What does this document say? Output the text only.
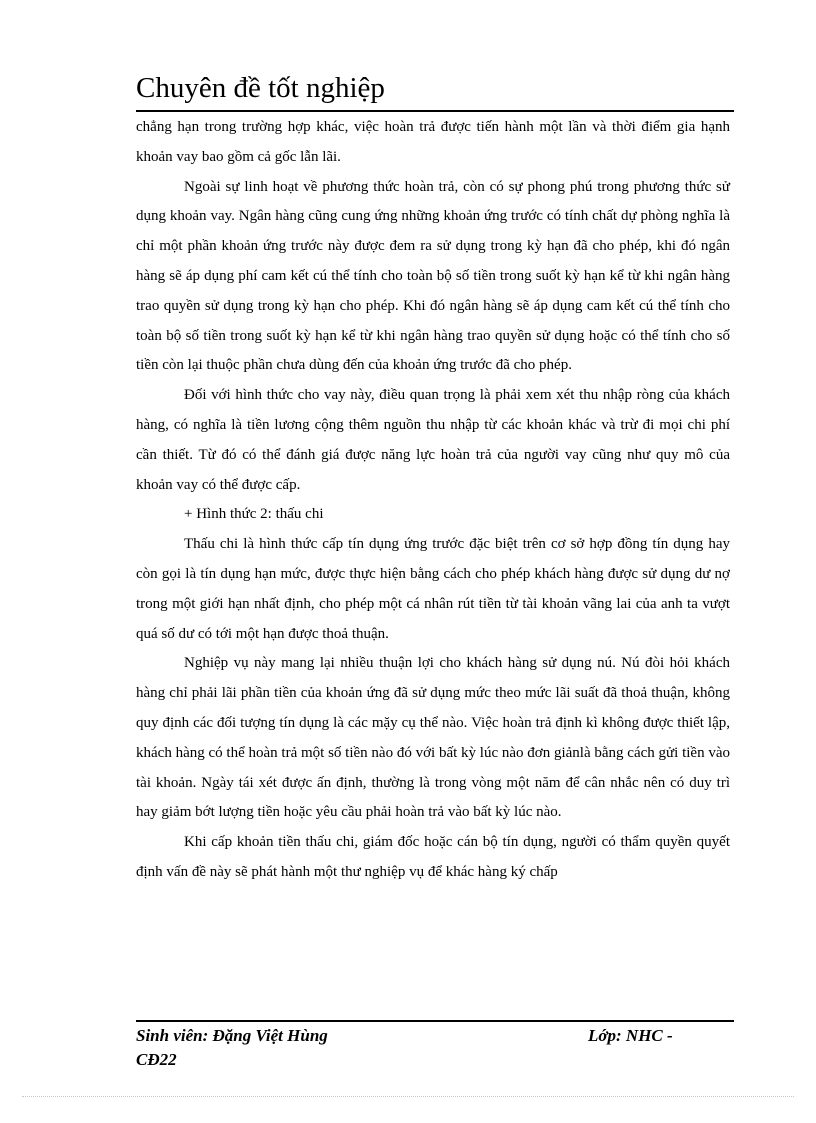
Chuyên đề tốt nghiệp

chẳng hạn trong trường hợp khác, việc hoàn trả được tiến hành một lần và thời điểm gia hạnh khoản vay bao gồm cả gốc lẫn lãi.

Ngoài sự linh hoạt về phương thức hoàn trả, còn có sự phong phú trong phương thức sử dụng khoản vay. Ngân hàng cũng cung ứng những khoản ứng trước có tính chất dự phòng nghĩa là chỉ một phần khoản ứng trước này được đem ra sử dụng trong kỳ hạn đã cho phép, khi đó ngân hàng sẽ áp dụng phí cam kết cú thể tính cho toàn bộ số tiền trong suốt kỳ hạn kể từ khi ngân hàng trao quyền sử dụng trong kỳ hạn cho phép. Khi đó ngân hàng sẽ áp dụng cam kết cú thể tính cho toàn bộ số tiền trong suốt kỳ hạn kể từ khi ngân hàng trao quyền sử dụng hoặc có thể tính cho số tiền còn lại thuộc phần chưa dùng đến của khoản ứng trước đã cho phép.

Đối với hình thức cho vay này, điều quan trọng là phải xem xét thu nhập ròng của khách hàng, có nghĩa là tiền lương cộng thêm nguồn thu nhập từ các khoản khác và trừ đi mọi chi phí cần thiết. Từ đó có thể đánh giá được năng lực hoàn trả của người vay cũng như quy mô của khoản vay có thể được cấp.

+ Hình thức 2: thấu chi

Thấu chi là hình thức cấp tín dụng ứng trước đặc biệt trên cơ sở hợp đồng tín dụng hay còn gọi là tín dụng hạn mức, được thực hiện bằng cách cho phép khách hàng được sử dụng dư nợ trong một giới hạn nhất định, cho phép một cá nhân rút tiền từ tài khoản vãng lai của anh ta vượt quá số dư có tới một hạn được thoả thuận.

Nghiệp vụ này mang lại nhiều thuận lợi cho khách hàng sử dụng nú. Nú đòi hỏi khách hàng chỉ phải lãi phần tiền của khoản ứng đã sử dụng mức theo mức lãi suất đã thoả thuận, không quy định các đối tượng tín dụng là các mặy cụ thể nào. Việc hoàn trả định kì không được thiết lập, khách hàng có thể hoàn trả một số tiền nào đó với bất kỳ lúc nào đơn giảnlà bằng cách gửi tiền vào tài khoản. Ngày tái xét được ấn định, thường là trong vòng một năm để cân nhắc nên có duy trì hay giảm bớt lượng tiền hoặc yêu cầu phải hoàn trả vào bất kỳ lúc nào.

Khi cấp khoản tiền thấu chi, giám đốc hoặc cán bộ tín dụng, người có thẩm quyền quyết định vấn đề này sẽ phát hành một thư nghiệp vụ để khác hàng ký chấp

Sinh viên: Đặng Việt Hùng
CĐ22
Lớp: NHC -
